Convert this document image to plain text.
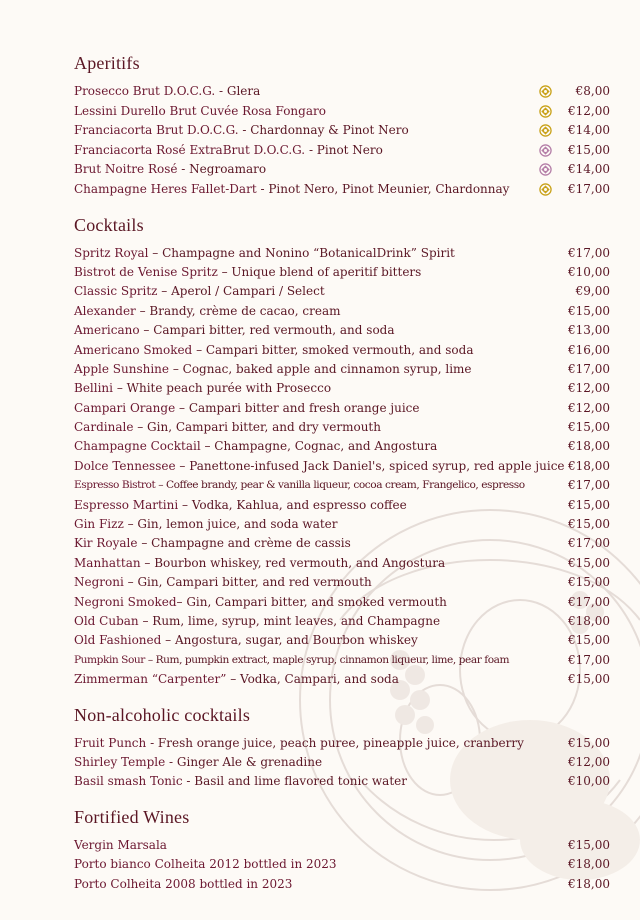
Aperitifs
Prosecco Brut D.O.C.G. - Glera	€8,00
Lessini Durello Brut Cuvée Rosa Fongaro	€12,00
Franciacorta Brut D.O.C.G. - Chardonnay & Pinot Nero	€14,00
Franciacorta Rosé ExtraBrut D.O.C.G. - Pinot Nero	€15,00
Brut Noitre Rosé - Negroamaro	€14,00
Champagne Heres Fallet-Dart - Pinot Nero, Pinot Meunier, Chardonnay	€17,00
Cocktails
Spritz Royal – Champagne and Nonino “BotanicalDrink” Spirit	€17,00
Bistrot de Venise Spritz – Unique blend of aperitif bitters	€10,00
Classic Spritz – Aperol / Campari / Select	€9,00
Alexander – Brandy, crème de cacao, cream	€15,00
Americano – Campari bitter, red vermouth, and soda	€13,00
Americano Smoked – Campari bitter, smoked vermouth, and soda	€16,00
Apple Sunshine – Cognac, baked apple and cinnamon syrup, lime	€17,00
Bellini – White peach purée with Prosecco	€12,00
Campari Orange – Campari bitter and fresh orange juice	€12,00
Cardinale – Gin, Campari bitter, and dry vermouth	€15,00
Champagne Cocktail – Champagne, Cognac, and Angostura	€18,00
Dolce Tennessee – Panettone-infused Jack Daniel's, spiced syrup, red apple juice €18,00
Espresso Bistrot – Coffee brandy, pear & vanilla liqueur, cocoa cream, Frangelico, espresso	€17,00
Espresso Martini – Vodka, Kahlua, and espresso coffee	€15,00
Gin Fizz – Gin, lemon juice, and soda water	€15,00
Kir Royale – Champagne and crème de cassis	€17,00
Manhattan – Bourbon whiskey, red vermouth, and Angostura	€15,00
Negroni – Gin, Campari bitter, and red vermouth	€15,00
Negroni Smoked– Gin, Campari bitter, and smoked vermouth	€17,00
Old Cuban – Rum, lime, syrup, mint leaves, and Champagne	€18,00
Old Fashioned – Angostura, sugar, and Bourbon whiskey	€15,00
Pumpkin Sour – Rum, pumpkin extract, maple syrup, cinnamon liqueur, lime, pear foam	€17,00
Zimmerman “Carpenter” – Vodka, Campari, and soda	€15,00
Non-alcoholic cocktails
Fruit Punch - Fresh orange juice, peach puree, pineapple juice, cranberry	€15,00
Shirley Temple - Ginger Ale & grenadine	€12,00
Basil smash Tonic - Basil and lime flavored tonic water	€10,00
Fortified Wines
Vergin Marsala	€15,00
Porto bianco Colheita 2012 bottled in 2023	€18,00
Porto Colheita 2008 bottled in 2023	€18,00
